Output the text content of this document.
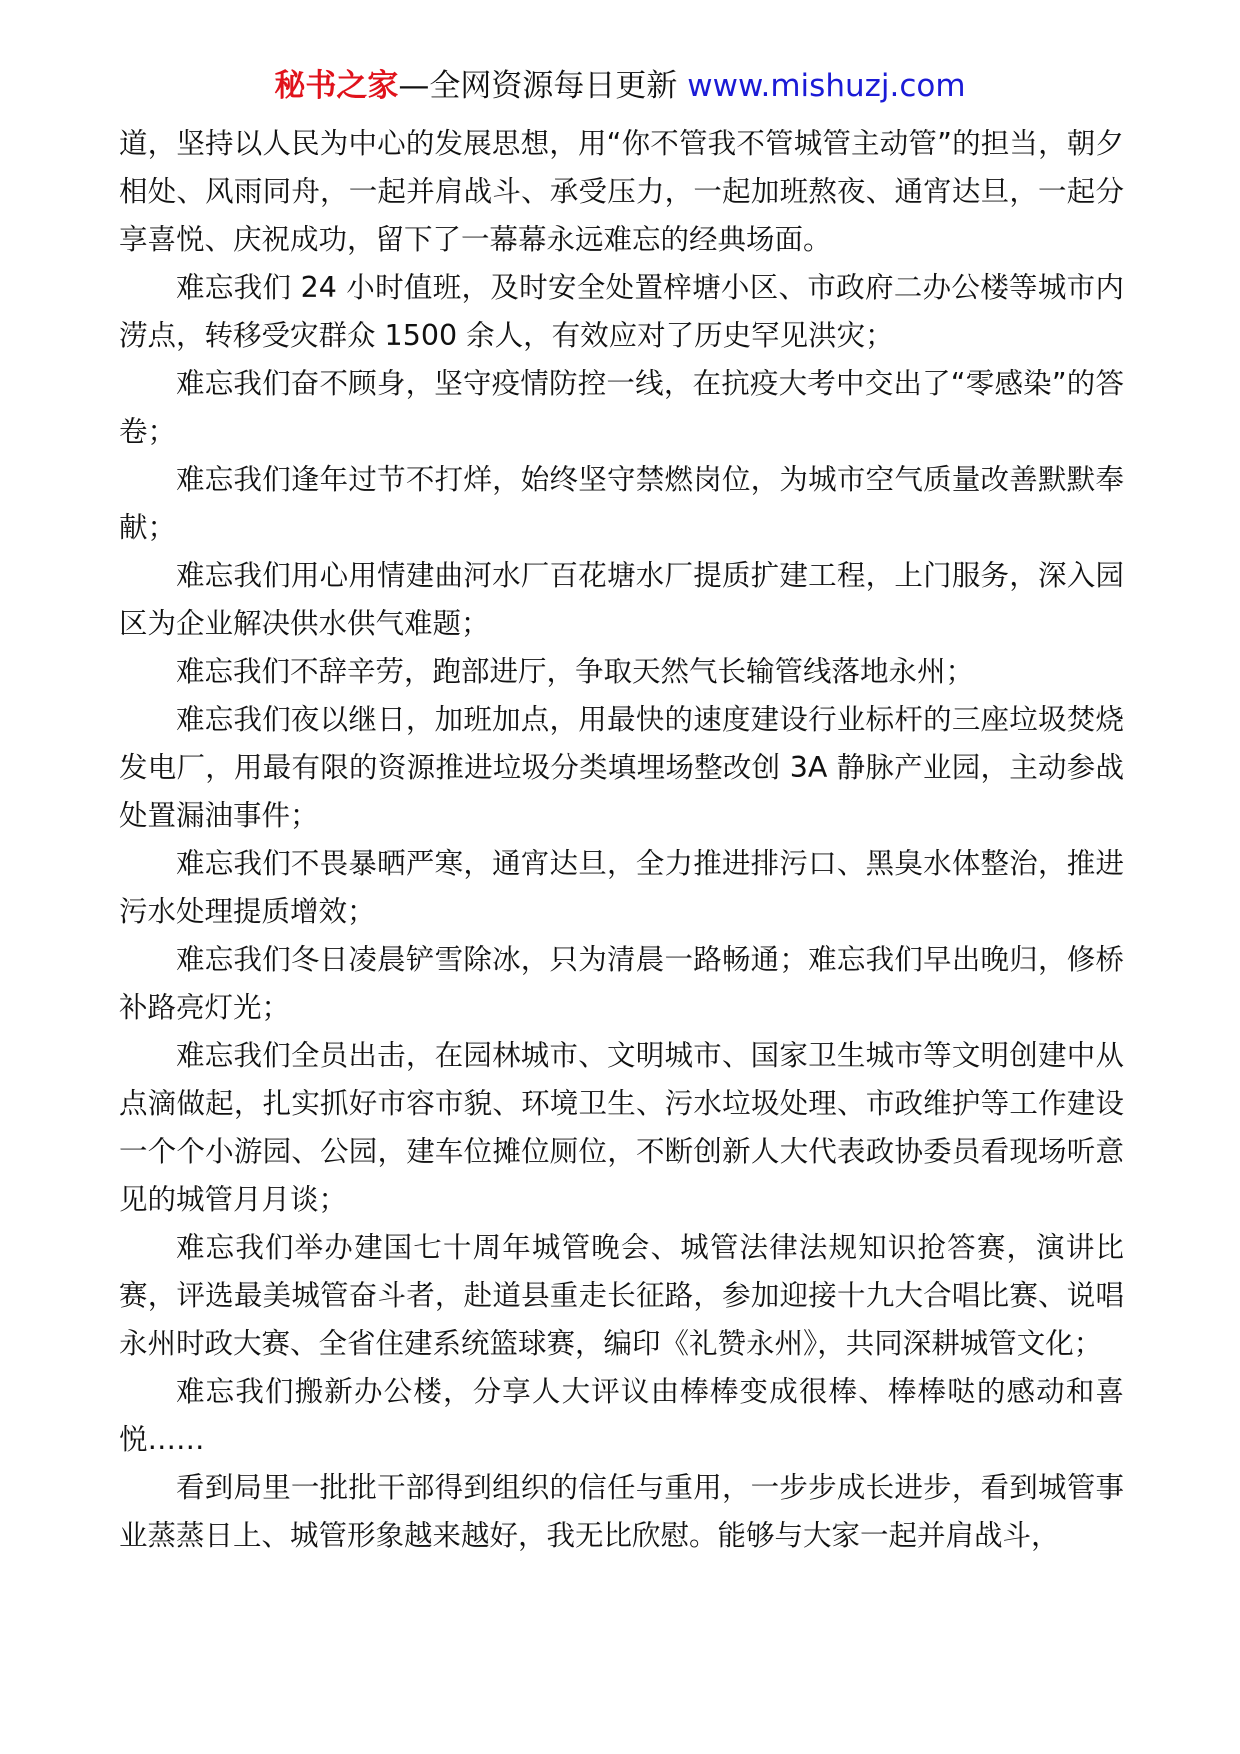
秘书之家—全网资源每日更新 www.mishuzj.com

道，坚持以人民为中心的发展思想，用“你不管我不管城管主动管”的担当，朝夕相处、风雨同舟，一起并肩战斗、承受压力，一起加班熬夜、通宵达旦，一起分享喜悦、庆祝成功，留下了一幕幕永远难忘的经典场面。

难忘我们 24 小时值班，及时安全处置梓塘小区、市政府二办公楼等城市内涝点，转移受灾群众 1500 余人，有效应对了历史罕见洪灾；

难忘我们奋不顾身，坚守疫情防控一线，在抗疫大考中交出了“零感染”的答卷；

难忘我们逢年过节不打烊，始终坚守禁燃岗位，为城市空气质量改善默默奉献；

难忘我们用心用情建曲河水厂百花塘水厂提质扩建工程，上门服务，深入园区为企业解决供水供气难题；

难忘我们不辞辛劳，跑部进厅，争取天然气长输管线落地永州；

难忘我们夜以继日，加班加点，用最快的速度建设行业标杆的三座垃圾焚烧发电厂，用最有限的资源推进垃圾分类填埋场整改创 3A 静脉产业园，主动参战处置漏油事件；

难忘我们不畏暴晒严寒，通宵达旦，全力推进排污口、黑臭水体整治，推进污水处理提质增效；

难忘我们冬日凌晨铲雪除冰，只为清晨一路畅通；难忘我们早出晚归，修桥补路亮灯光；

难忘我们全员出击，在园林城市、文明城市、国家卫生城市等文明创建中从点滴做起，扎实抓好市容市貌、环境卫生、污水垃圾处理、市政维护等工作建设一个个小游园、公园，建车位摊位厕位，不断创新人大代表政协委员看现场听意见的城管月月谈；

难忘我们举办建国七十周年城管晚会、城管法律法规知识抢答赛，演讲比赛，评选最美城管奋斗者，赴道县重走长征路，参加迎接十九大合唱比赛、说唱永州时政大赛、全省住建系统篮球赛，编印《礼赞永州》，共同深耕城管文化；

难忘我们搬新办公楼，分享人大评议由棒棒变成很棒、棒棒哒的感动和喜悦……

看到局里一批批干部得到组织的信任与重用，一步步成长进步，看到城管事业蒸蒸日上、城管形象越来越好，我无比欣慰。能够与大家一起并肩战斗，
